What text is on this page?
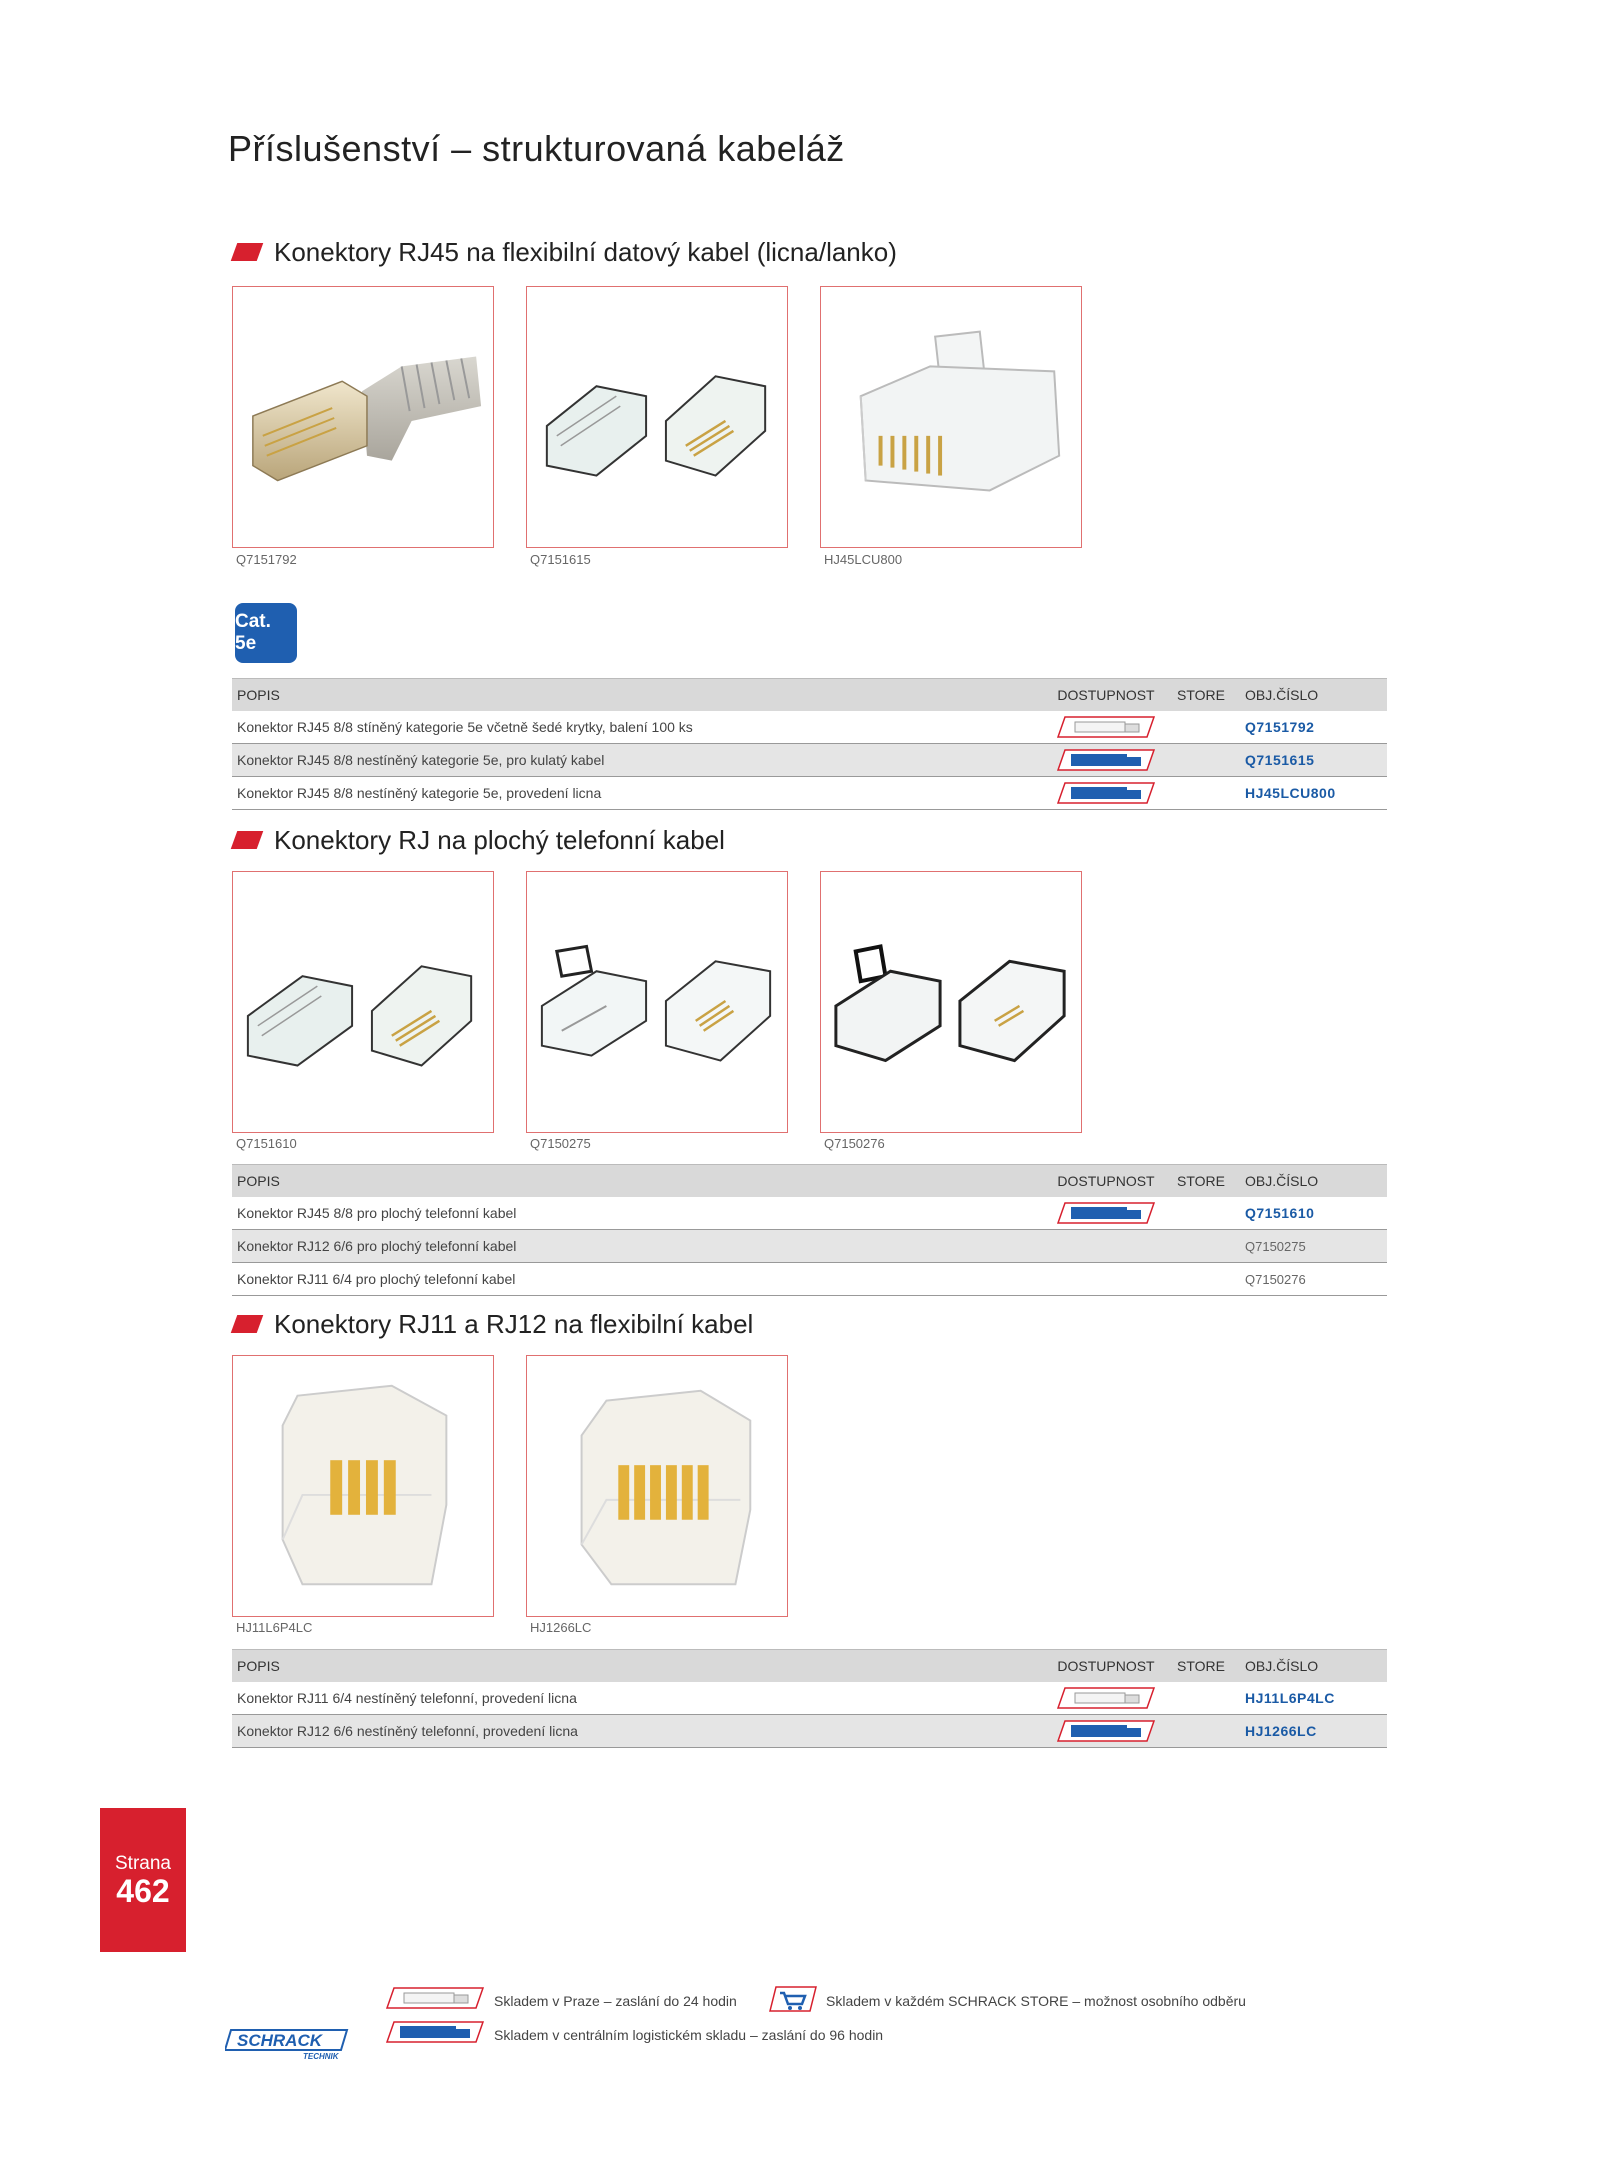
Příslušenství – strukturovaná kabeláž
Konektory RJ45 na flexibilní datový kabel (licna/lanko)
Q7151792	Q7151615	HJ45LCU800
Cat. 5e
POPIS	DOSTUPNOST	STORE	OBJ.ČÍSLO
Konektor RJ45 8/8 stíněný kategorie 5e včetně šedé krytky, balení 100 ks	Q7151792
Konektor RJ45 8/8 nestíněný kategorie 5e, pro kulatý kabel	Q7151615
Konektor RJ45 8/8 nestíněný kategorie 5e, provedení licna	HJ45LCU800
Konektory RJ na plochý telefonní kabel
Q7151610	Q7150275	Q7150276
POPIS	DOSTUPNOST	STORE	OBJ.ČÍSLO
Konektor RJ45 8/8 pro plochý telefonní kabel	Q7151610
Konektor RJ12 6/6 pro plochý telefonní kabel	Q7150275
Konektor RJ11 6/4 pro plochý telefonní kabel	Q7150276
Konektory RJ11 a RJ12 na flexibilní kabel
HJ11L6P4LC	HJ1266LC
POPIS	DOSTUPNOST	STORE	OBJ.ČÍSLO
Konektor RJ11 6/4 nestíněný telefonní, provedení licna	HJ11L6P4LC
Konektor RJ12 6/6 nestíněný telefonní, provedení licna	HJ1266LC
Strana
462
Skladem v Praze – zaslání do 24 hodin	Skladem v každém SCHRACK STORE – možnost osobního odběru
Skladem v centrálním logistickém skladu – zaslání do 96 hodin
SCHRACK
TECHNIK
